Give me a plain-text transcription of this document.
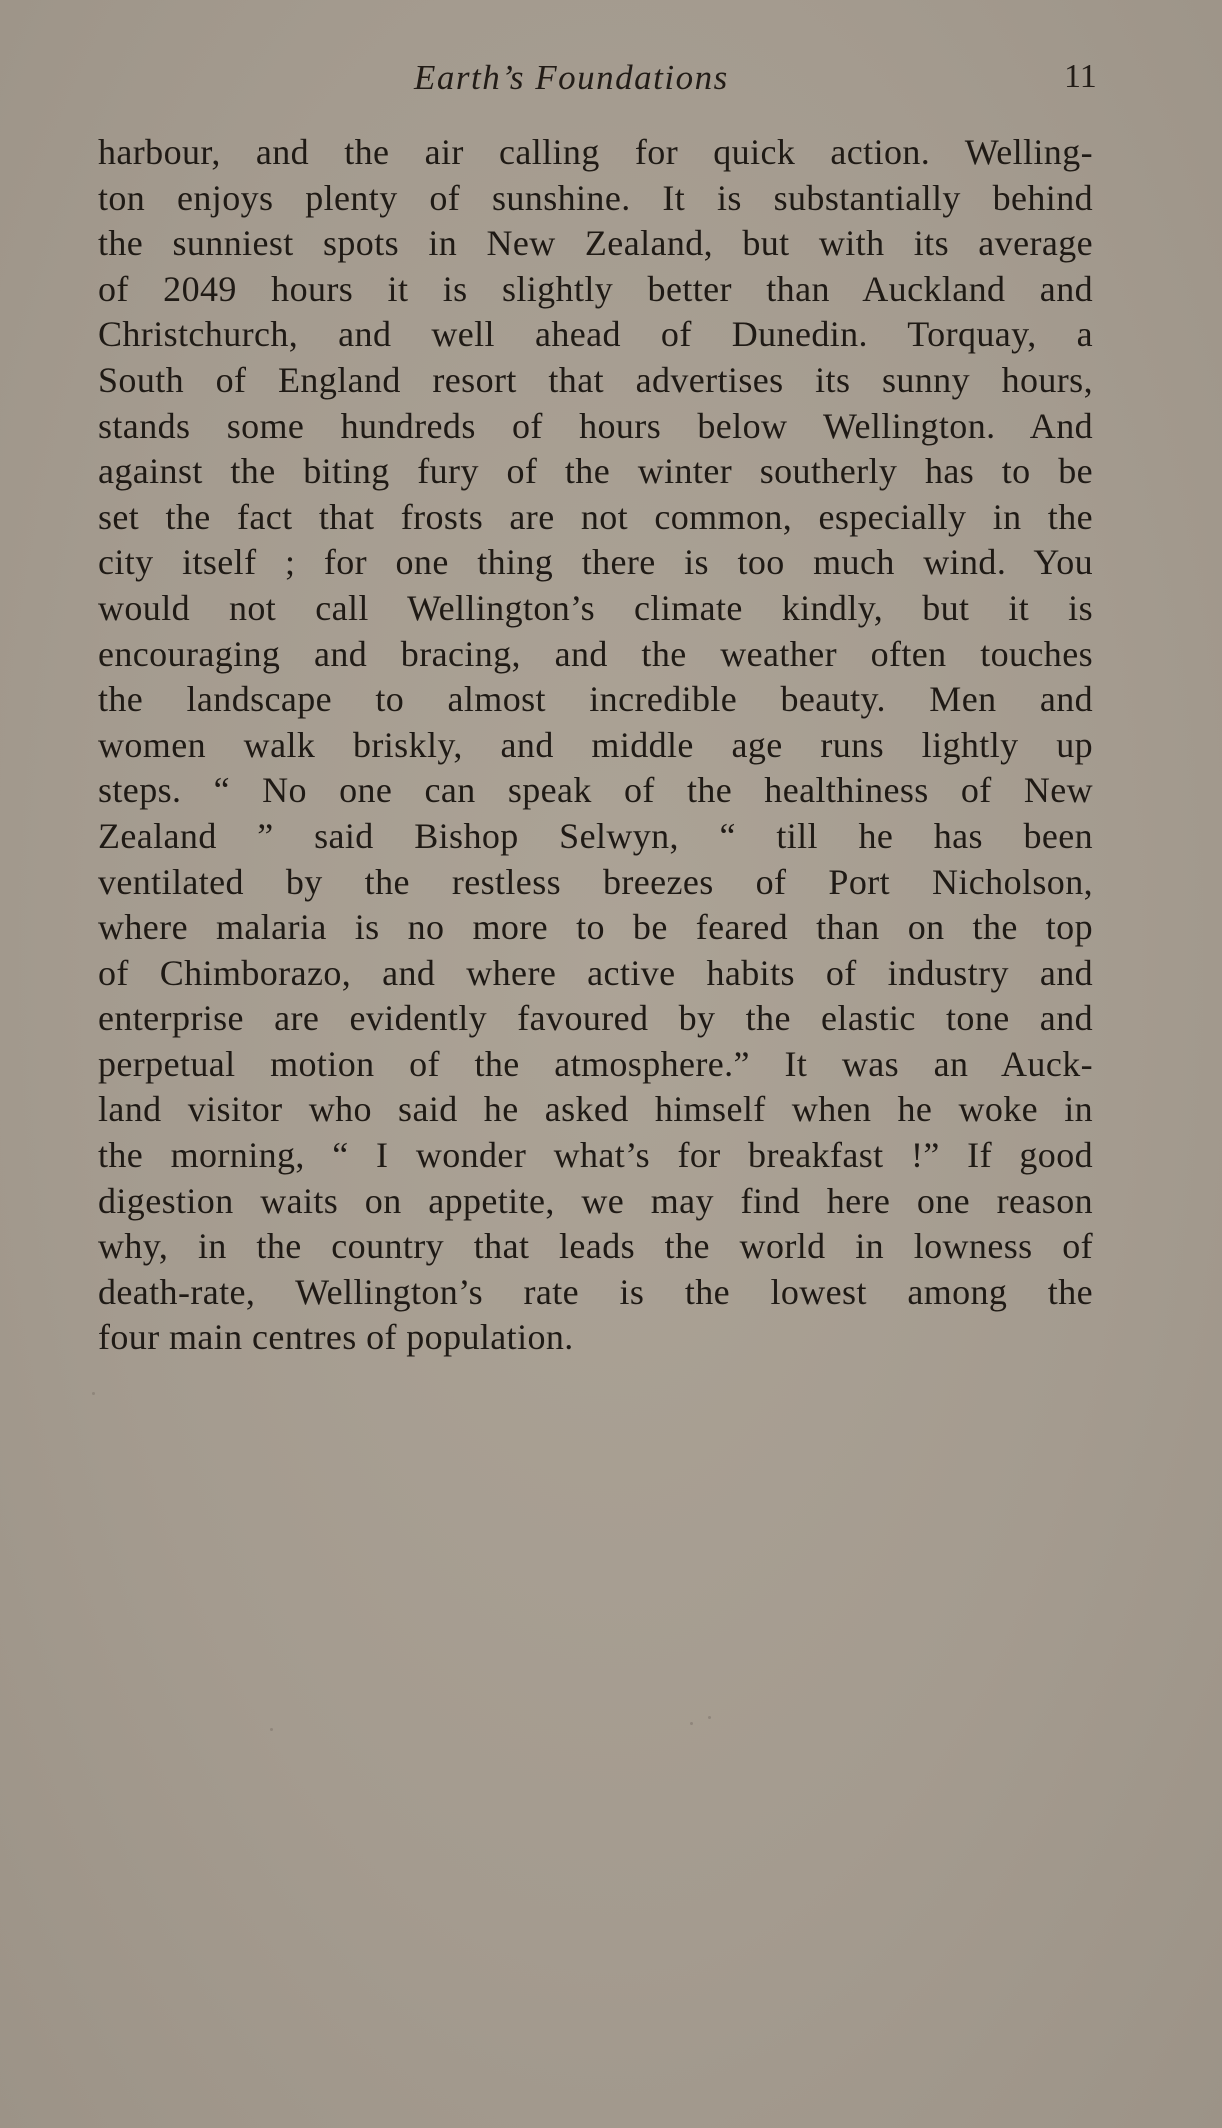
Earth’s Foundations	11
harbour, and the air calling for quick action. Welling-
ton enjoys plenty of sunshine. It is substantially behind
the sunniest spots in New Zealand, but with its average
of 2049 hours it is slightly better than Auckland and
Christchurch, and well ahead of Dunedin. Torquay, a
South of England resort that advertises its sunny hours,
stands some hundreds of hours below Wellington. And
against the biting fury of the winter southerly has to be
set the fact that frosts are not common, especially in the
city itself ; for one thing there is too much wind. You
would not call Wellington’s climate kindly, but it is
encouraging and bracing, and the weather often touches
the landscape to almost incredible beauty. Men and
women walk briskly, and middle age runs lightly up
steps. “ No one can speak of the healthiness of New
Zealand ” said Bishop Selwyn, “ till he has been
ventilated by the restless breezes of Port Nicholson,
where malaria is no more to be feared than on the top
of Chimborazo, and where active habits of industry and
enterprise are evidently favoured by the elastic tone and
perpetual motion of the atmosphere.” It was an Auck-
land visitor who said he asked himself when he woke in
the morning, “ I wonder what’s for breakfast !” If good
digestion waits on appetite, we may find here one reason
why, in the country that leads the world in lowness of
death-rate, Wellington’s rate is the lowest among the
four main centres of population.
